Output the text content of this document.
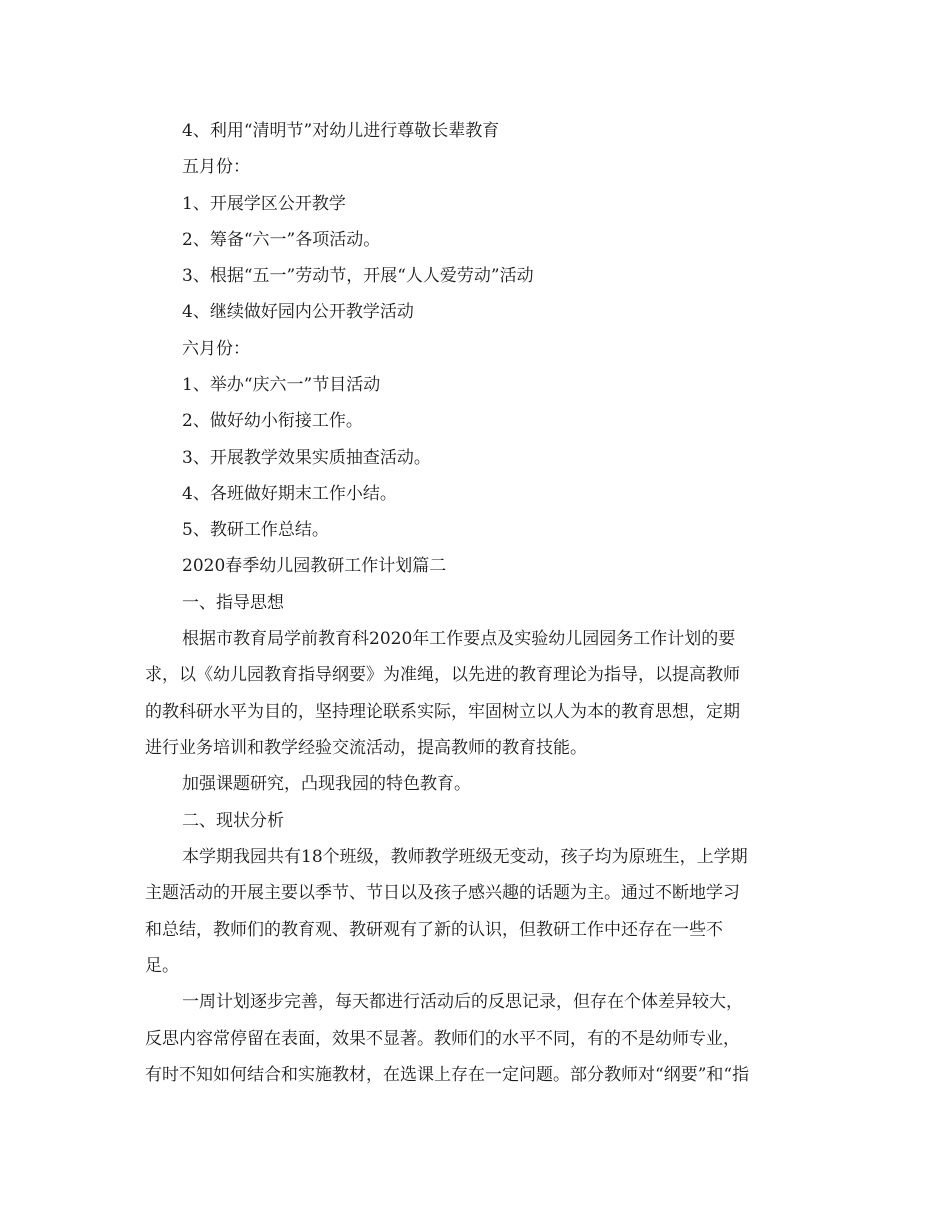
4、利用“清明节”对幼儿进行尊敬长辈教育
五月份：
1、开展学区公开教学
2、筹备“六一”各项活动。
3、根据“五一”劳动节，开展“人人爱劳动”活动
4、继续做好园内公开教学活动
六月份：
1、举办“庆六一”节目活动
2、做好幼小衔接工作。
3、开展教学效果实质抽查活动。
4、各班做好期末工作小结。
5、教研工作总结。
2020春季幼儿园教研工作计划篇二
一、指导思想
根据市教育局学前教育科2020年工作要点及实验幼儿园园务工作计划的要
求，以《幼儿园教育指导纲要》为准绳，以先进的教育理论为指导，以提高教师
的教科研水平为目的，坚持理论联系实际，牢固树立以人为本的教育思想，定期
进行业务培训和教学经验交流活动，提高教师的教育技能。
加强课题研究，凸现我园的特色教育。
二、现状分析
本学期我园共有18个班级，教师教学班级无变动，孩子均为原班生，上学期
主题活动的开展主要以季节、节日以及孩子感兴趣的话题为主。通过不断地学习
和总结，教师们的教育观、教研观有了新的认识，但教研工作中还存在一些不
足。
一周计划逐步完善，每天都进行活动后的反思记录，但存在个体差异较大，
反思内容常停留在表面，效果不显著。教师们的水平不同，有的不是幼师专业，
有时不知如何结合和实施教材，在选课上存在一定问题。部分教师对“纲要”和“指
